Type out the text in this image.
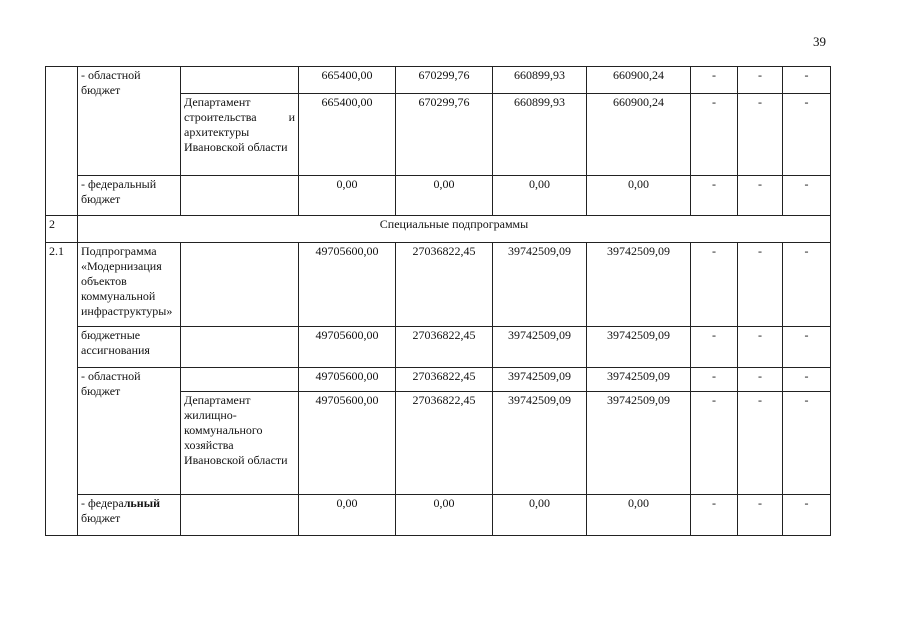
39
	- областной бюджет		665400,00	670299,76	660899,93	660900,24	-	-	-
		Департамент строительства и архитектуры Ивановской области	665400,00	670299,76	660899,93	660900,24	-	-	-
	- федеральный бюджет		0,00	0,00	0,00	0,00	-	-	-
2	Специальные подпрограммы								
2.1	Подпрограмма «Модернизация объектов коммунальной инфраструктуры»		49705600,00	27036822,45	39742509,09	39742509,09	-	-	-
	бюджетные ассигнования		49705600,00	27036822,45	39742509,09	39742509,09	-	-	-
	- областной бюджет		49705600,00	27036822,45	39742509,09	39742509,09	-	-	-
		Департамент жилищно-коммунального хозяйства Ивановской области	49705600,00	27036822,45	39742509,09	39742509,09	-	-	-
	- федеральный бюджет		0,00	0,00	0,00	0,00	-	-	-
